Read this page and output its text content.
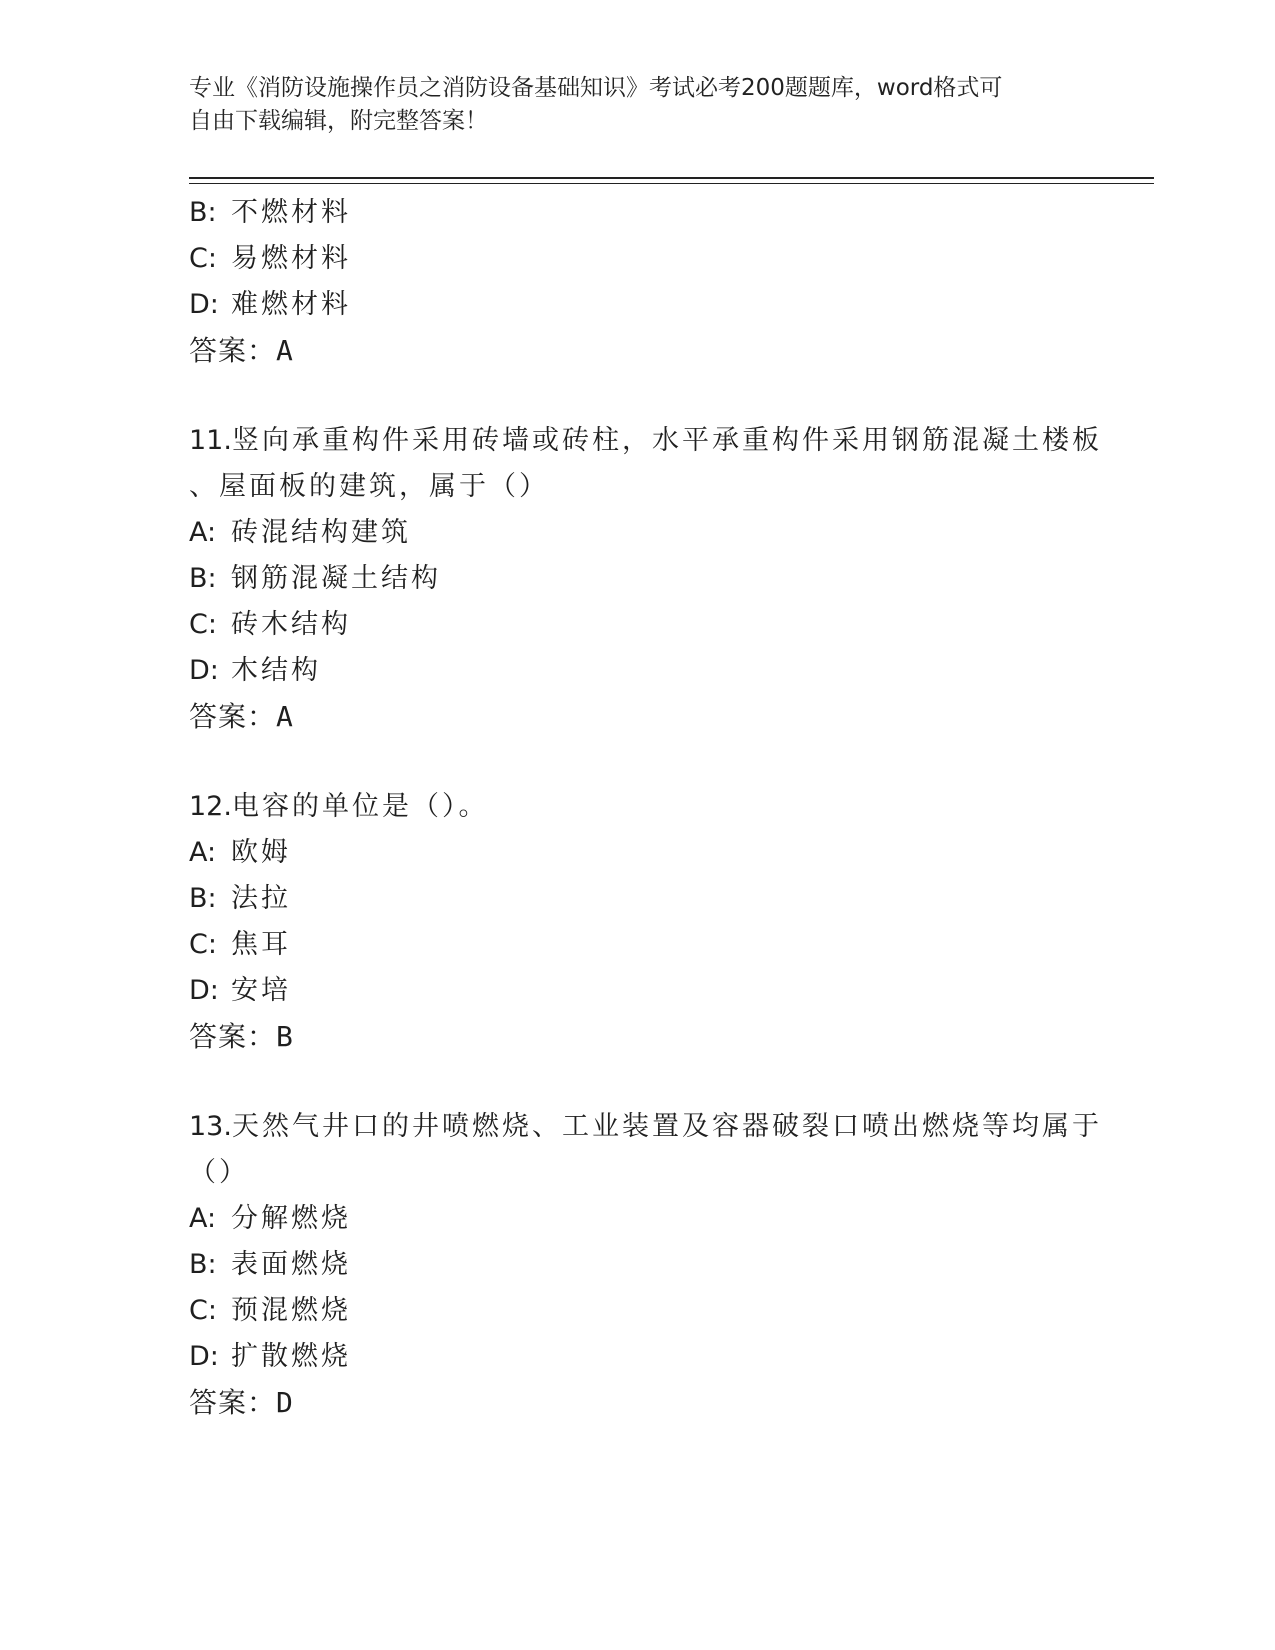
专业《消防设施操作员之消防设备基础知识》考试必考200题题库，word格式可
自由下载编辑，附完整答案！
B: 不燃材料
C: 易燃材料
D: 难燃材料
答案：A
11.竖向承重构件采用砖墙或砖柱，水平承重构件采用钢筋混凝土楼板
、屋面板的建筑，属于（）
A: 砖混结构建筑
B: 钢筋混凝土结构
C: 砖木结构
D: 木结构
答案：A
12.电容的单位是（）。
A: 欧姆
B: 法拉
C: 焦耳
D: 安培
答案：B
13.天然气井口的井喷燃烧、工业装置及容器破裂口喷出燃烧等均属于
（）
A: 分解燃烧
B: 表面燃烧
C: 预混燃烧
D: 扩散燃烧
答案：D
